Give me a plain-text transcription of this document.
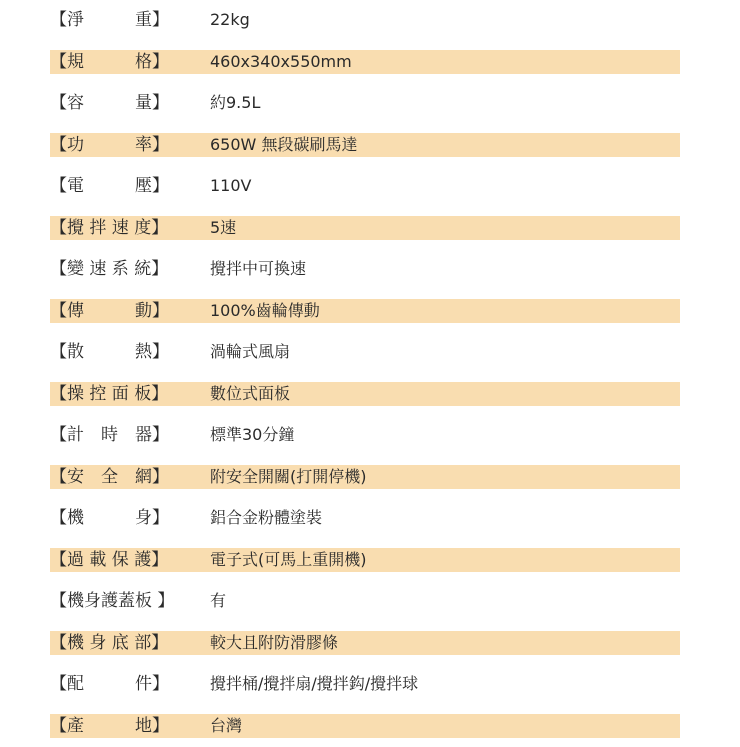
【淨　　　重】	22kg
【規　　　格】	460x340x550mm
【容　　　量】	約9.5L
【功　　　率】	650W 無段碳刷馬達
【電　　　壓】	110V
【攪 拌 速 度】	5速
【變 速 系 統】	攪拌中可換速
【傳　　　動】	100%齒輪傳動
【散　　　熱】	渦輪式風扇
【操 控 面 板】	數位式面板
【計　時　器】	標準30分鐘
【安　全　網】	附安全開關(打開停機)
【機　　　身】	鋁合金粉體塗裝
【過 載 保 護】	電子式(可馬上重開機)
【機身護蓋板 】	有
【機 身 底 部】	較大且附防滑膠條
【配　　　件】	攪拌桶/攪拌扇/攪拌鈎/攪拌球
【產　　　地】	台灣
